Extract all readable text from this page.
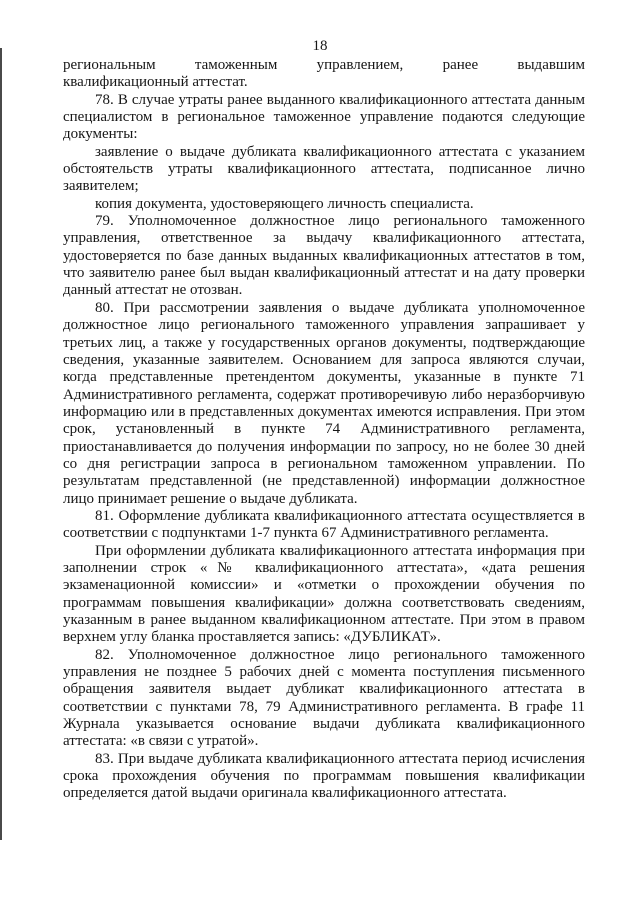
18

региональным таможенным управлением, ранее выдавшим
квалификационный аттестат.

78. В случае утраты ранее выданного квалификационного аттестата данным специалистом в региональное таможенное управление подаются следующие документы:

заявление о выдаче дубликата квалификационного аттестата с указанием обстоятельств утраты квалификационного аттестата, подписанное лично заявителем;

копия документа, удостоверяющего личность специалиста.

79. Уполномоченное должностное лицо регионального таможенного управления, ответственное за выдачу квалификационного аттестата, удостоверяется по базе данных выданных квалификационных аттестатов в том, что заявителю ранее был выдан квалификационный аттестат и на дату проверки данный аттестат не отозван.

80. При рассмотрении заявления о выдаче дубликата уполномоченное должностное лицо регионального таможенного управления запрашивает у третьих лиц, а также у государственных органов документы, подтверждающие сведения, указанные заявителем. Основанием для запроса являются случаи, когда представленные претендентом документы, указанные в пункте 71 Административного регламента, содержат противоречивую либо неразборчивую информацию или в представленных документах имеются исправления. При этом срок, установленный в пункте 74 Административного регламента, приостанавливается до получения информации по запросу, но не более 30 дней со дня регистрации запроса в региональном таможенном управлении. По результатам представленной (не представленной) информации должностное лицо принимает решение о выдаче дубликата.

81. Оформление дубликата квалификационного аттестата осуществляется в соответствии с подпунктами 1-7 пункта 67 Административного регламента.

При оформлении дубликата квалификационного аттестата информация при заполнении строк «№ квалификационного аттестата», «дата решения экзаменационной комиссии» и «отметки о прохождении обучения по программам повышения квалификации» должна соответствовать сведениям, указанным в ранее выданном квалификационном аттестате. При этом в правом верхнем углу бланка проставляется запись: «ДУБЛИКАТ».

82. Уполномоченное должностное лицо регионального таможенного управления не позднее 5 рабочих дней с момента поступления письменного обращения заявителя выдает дубликат квалификационного аттестата в соответствии с пунктами 78, 79 Административного регламента. В графе 11 Журнала указывается основание выдачи дубликата квалификационного аттестата: «в связи с утратой».

83. При выдаче дубликата квалификационного аттестата период исчисления срока прохождения обучения по программам повышения квалификации определяется датой выдачи оригинала квалификационного аттестата.
